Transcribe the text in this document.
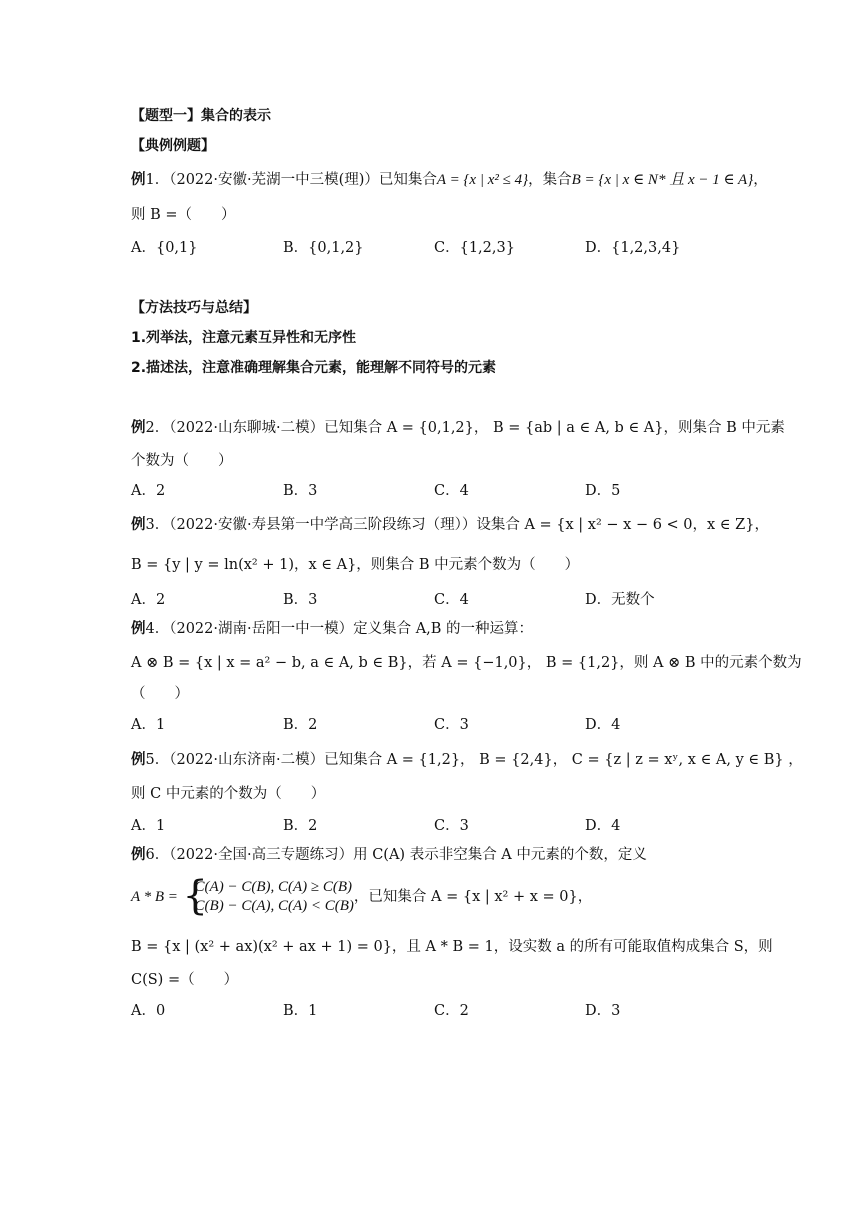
【题型一】集合的表示
【典例例题】
例1．（2022·安徽·芜湖一中三模(理)）已知集合A = {x | x² ≤ 4}，集合B = {x | x ∈ N* 且 x − 1 ∈ A}，
则 B =（　　）
A．{0,1}	B．{0,1,2}	C．{1,2,3}	D．{1,2,3,4}
【方法技巧与总结】
1.列举法，注意元素互异性和无序性
2.描述法，注意准确理解集合元素，能理解不同符号的元素
例2．（2022·山东聊城·二模）已知集合 A = {0,1,2}， B = {ab | a ∈ A, b ∈ A}，则集合 B 中元素
个数为（　　）
A．2	B．3	C．4	D．5
例3．（2022·安徽·寿县第一中学高三阶段练习（理））设集合 A = {x | x² − x − 6 < 0，x ∈ Z}，
B = {y | y = ln(x² + 1)，x ∈ A}，则集合 B 中元素个数为（　　）
A．2	B．3	C．4	D．无数个
例4．（2022·湖南·岳阳一中一模）定义集合 A,B 的一种运算：
A ⊗ B = {x | x = a² − b, a ∈ A, b ∈ B}，若 A = {−1,0}， B = {1,2}，则 A ⊗ B 中的元素个数为
（　　）
A．1	B．2	C．3	D．4
例5．（2022·山东济南·二模）已知集合 A = {1,2}， B = {2,4}， C = {z | z = xʸ, x ∈ A, y ∈ B} ，
则 C 中元素的个数为（　　）
A．1	B．2	C．3	D．4
例6．（2022·全国·高三专题练习）用 C(A) 表示非空集合 A 中元素的个数，定义
A * B = {
C(A) − C(B), C(A) ≥ C(B)
C(B) − C(A), C(A) < C(B)
，已知集合 A = {x | x² + x = 0}，
B = {x | (x² + ax)(x² + ax + 1) = 0}，且 A * B = 1，设实数 a 的所有可能取值构成集合 S，则
C(S) =（　　）
A．0	B．1	C．2	D．3
